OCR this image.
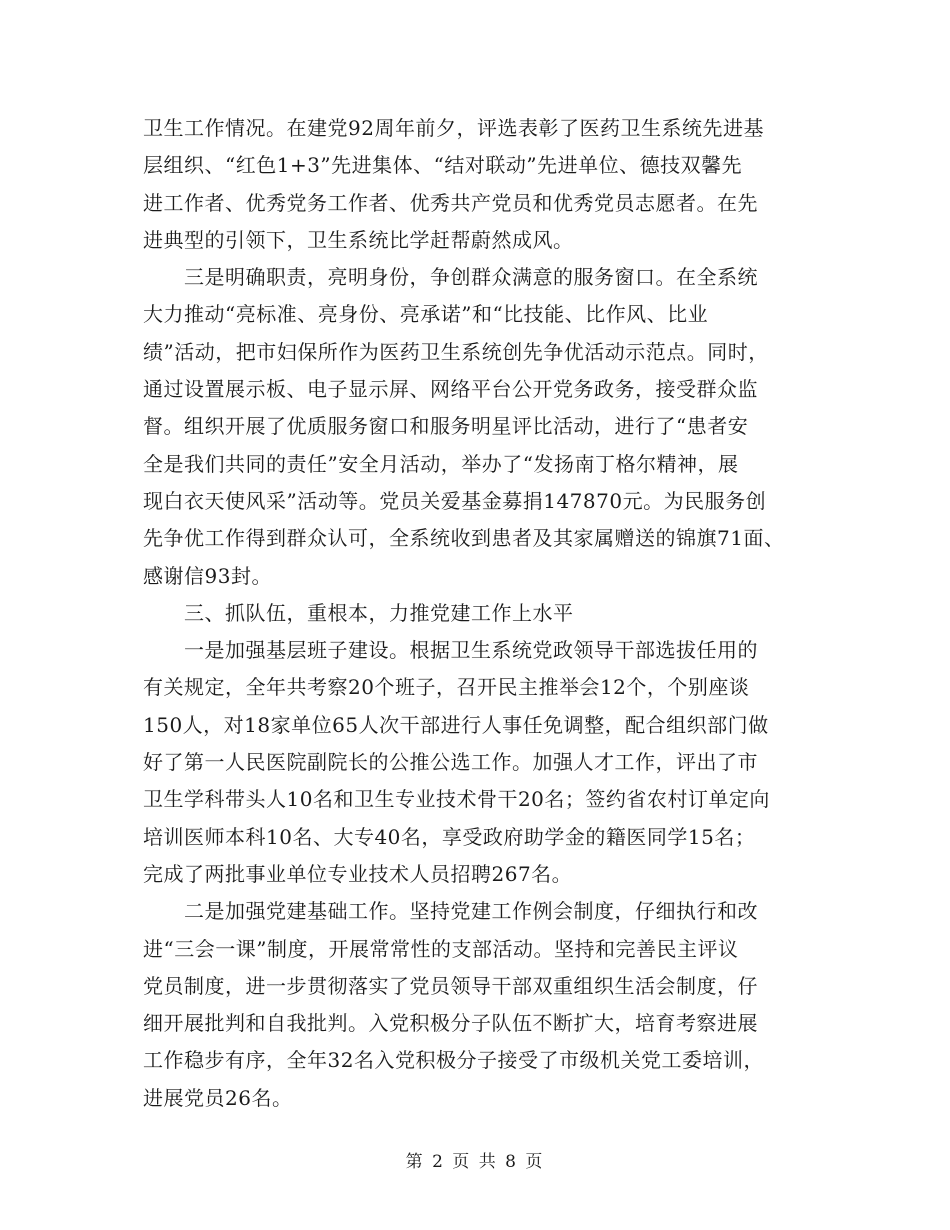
卫生工作情况。在建党92周年前夕，评选表彰了医药卫生系统先进基
层组织、“红色1+3”先进集体、“结对联动”先进单位、德技双馨先
进工作者、优秀党务工作者、优秀共产党员和优秀党员志愿者。在先
进典型的引领下，卫生系统比学赶帮蔚然成风。
　　三是明确职责，亮明身份，争创群众满意的服务窗口。在全系统
大力推动“亮标准、亮身份、亮承诺”和“比技能、比作风、比业
绩”活动，把市妇保所作为医药卫生系统创先争优活动示范点。同时，
通过设置展示板、电子显示屏、网络平台公开党务政务，接受群众监
督。组织开展了优质服务窗口和服务明星评比活动，进行了“患者安
全是我们共同的责任”安全月活动，举办了“发扬南丁格尔精神，展
现白衣天使风采”活动等。党员关爱基金募捐147870元。为民服务创
先争优工作得到群众认可，全系统收到患者及其家属赠送的锦旗71面、
感谢信93封。
　　三、抓队伍，重根本，力推党建工作上水平
　　一是加强基层班子建设。根据卫生系统党政领导干部选拔任用的
有关规定，全年共考察20个班子，召开民主推举会12个，个别座谈
150人，对18家单位65人次干部进行人事任免调整，配合组织部门做
好了第一人民医院副院长的公推公选工作。加强人才工作，评出了市
卫生学科带头人10名和卫生专业技术骨干20名；签约省农村订单定向
培训医师本科10名、大专40名，享受政府助学金的籍医同学15名；
完成了两批事业单位专业技术人员招聘267名。
　　二是加强党建基础工作。坚持党建工作例会制度，仔细执行和改
进“三会一课”制度，开展常常性的支部活动。坚持和完善民主评议
党员制度，进一步贯彻落实了党员领导干部双重组织生活会制度，仔
细开展批判和自我批判。入党积极分子队伍不断扩大，培育考察进展
工作稳步有序，全年32名入党积极分子接受了市级机关党工委培训，
进展党员26名。
第 2 页 共 8 页
